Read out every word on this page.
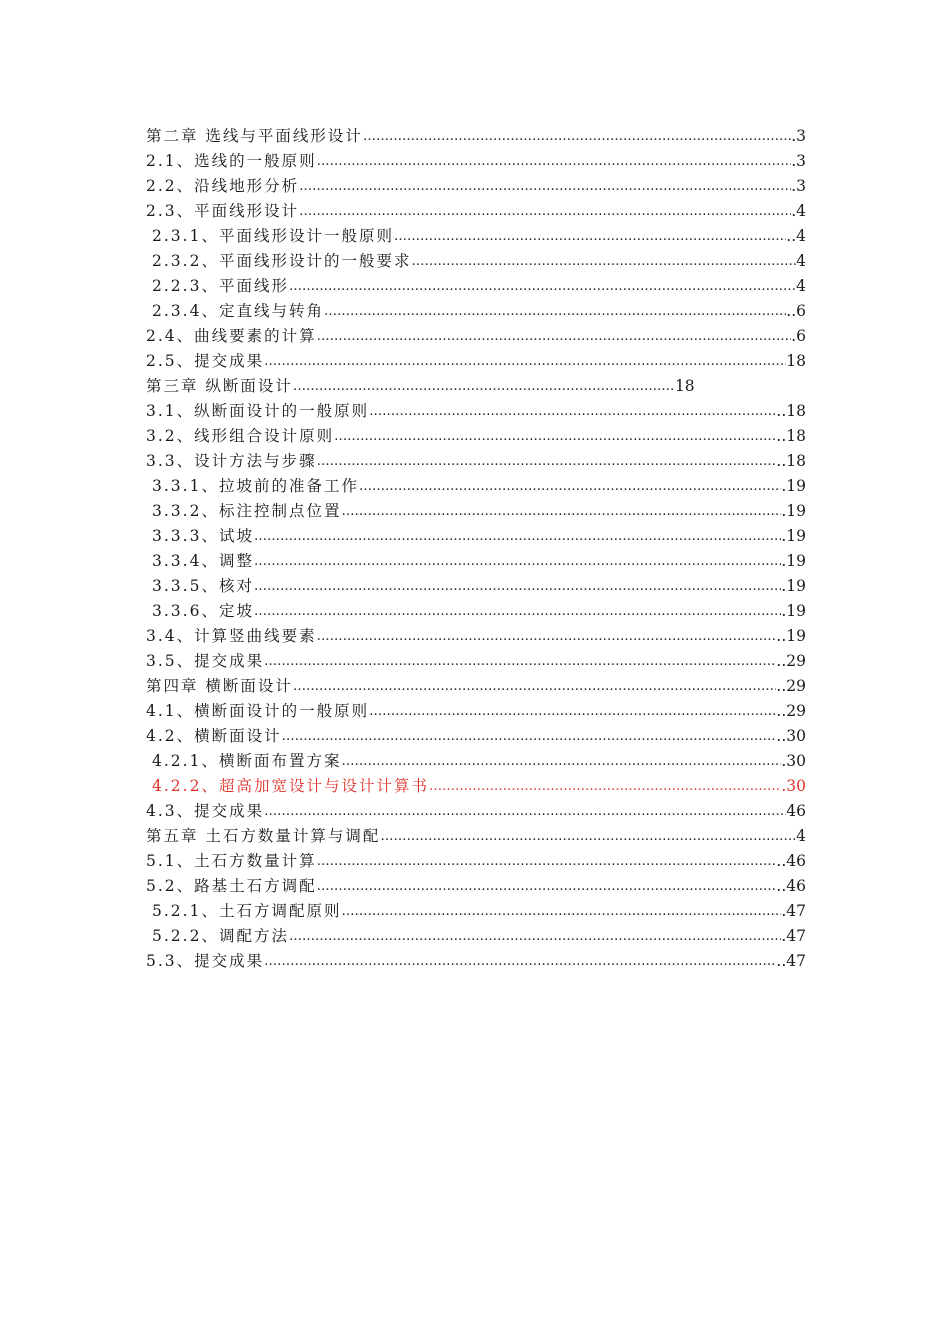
第二章 选线与平面线形设计 ………………………………………………………………………………………………………………………………………………………………………………………	.3
2.1、选线的一般原则 ………………………………………………………………………………………………………………………………………………………………………………………	.3
2.2、沿线地形分析 ………………………………………………………………………………………………………………………………………………………………………………………	.3
2.3、平面线形设计 ………………………………………………………………………………………………………………………………………………………………………………………	.4
2.3.1、平面线形设计一般原则 ………………………………………………………………………………………………………………………………………………………………………………………	..4
2.3.2、平面线形设计的一般要求 ………………………………………………………………………………………………………………………………………………………………………………………	4
2.2.3、平面线形 ………………………………………………………………………………………………………………………………………………………………………………………	4
2.3.4、定直线与转角 ………………………………………………………………………………………………………………………………………………………………………………………	..6
2.4、曲线要素的计算 ………………………………………………………………………………………………………………………………………………………………………………………	.6
2.5、提交成果 ………………………………………………………………………………………………………………………………………………………………………………………	18
第三章 纵断面设计 ………………………………………………………………………………………………………………………………………………………………………………………	18
3.1、纵断面设计的一般原则 ………………………………………………………………………………………………………………………………………………………………………………………	..18
3.2、线形组合设计原则 ………………………………………………………………………………………………………………………………………………………………………………………	..18
3.3、设计方法与步骤 ………………………………………………………………………………………………………………………………………………………………………………………	..18
3.3.1、拉坡前的准备工作 ………………………………………………………………………………………………………………………………………………………………………………………	.19
3.3.2、标注控制点位置 ………………………………………………………………………………………………………………………………………………………………………………………	.19
3.3.3、试坡 ………………………………………………………………………………………………………………………………………………………………………………………	.19
3.3.4、调整 ………………………………………………………………………………………………………………………………………………………………………………………	.19
3.3.5、核对 ………………………………………………………………………………………………………………………………………………………………………………………	.19
3.3.6、定坡 ………………………………………………………………………………………………………………………………………………………………………………………	.19
3.4、计算竖曲线要素 ………………………………………………………………………………………………………………………………………………………………………………………	..19
3.5、提交成果 ………………………………………………………………………………………………………………………………………………………………………………………	..29
第四章 横断面设计 ………………………………………………………………………………………………………………………………………………………………………………………	..29
4.1、横断面设计的一般原则 ………………………………………………………………………………………………………………………………………………………………………………………	..29
4.2、横断面设计 ………………………………………………………………………………………………………………………………………………………………………………………	..30
4.2.1、横断面布置方案 ………………………………………………………………………………………………………………………………………………………………………………………	.30
4.2.2、超高加宽设计与设计计算书 ………………………………………………………………………………………………………………………………………………………………………………………	.30
4.3、提交成果 ………………………………………………………………………………………………………………………………………………………………………………………	46
第五章 土石方数量计算与调配 ………………………………………………………………………………………………………………………………………………………………………………………	4
5.1、土石方数量计算 ………………………………………………………………………………………………………………………………………………………………………………………	..46
5.2、路基土石方调配 ………………………………………………………………………………………………………………………………………………………………………………………	..46
5.2.1、土石方调配原则 ………………………………………………………………………………………………………………………………………………………………………………………	.47
5.2.2、调配方法 ………………………………………………………………………………………………………………………………………………………………………………………	.47
5.3、提交成果 ………………………………………………………………………………………………………………………………………………………………………………………	..47
